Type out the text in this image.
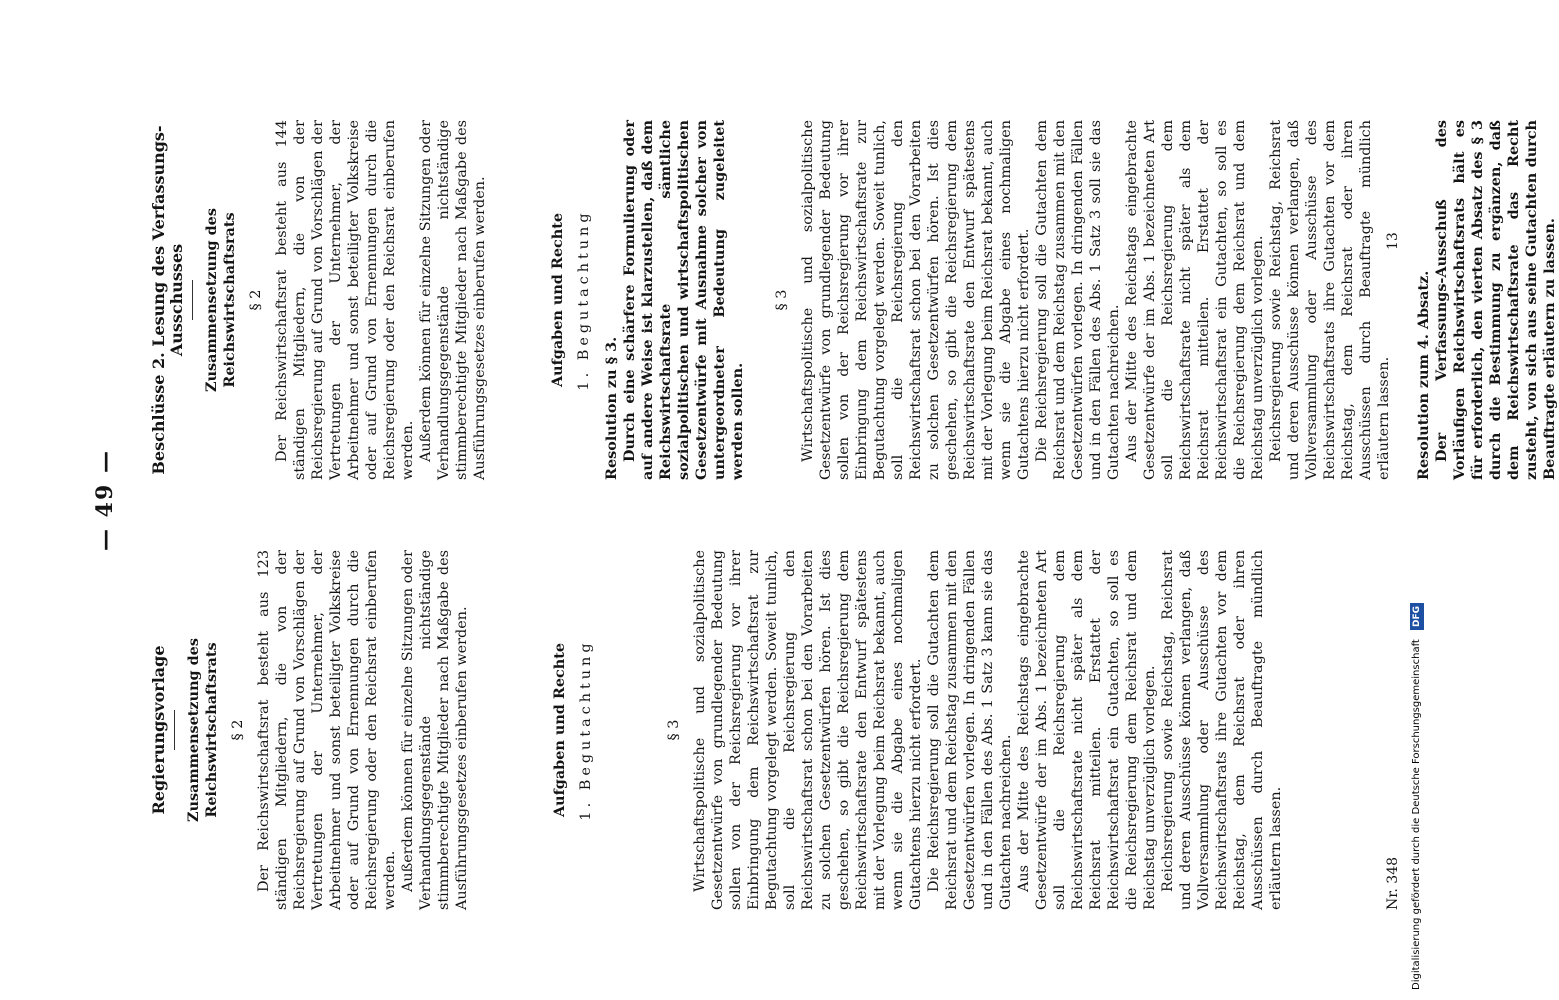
— 49 —
Regierungsvorlage Zusammensetzung des Reichswirtschaftsrats § 2 Der Reichswirtschaftsrat besteht aus 123 ständigen Mitgliedern, die von der Reichsregierung auf Grund von Vorschlägen der Vertretungen der Unternehmer, der Arbeitnehmer und sonst beteiligter Volkskreise oder auf Grund von Ernennungen durch die Reichsregierung oder den Reichsrat einberufen werden. Außerdem können für einzelne Sitzungen oder Verhandlungsgegenstände nichtständige stimmberechtigte Mitglieder nach Maßgabe des Ausführungsgesetzes einberufen werden.	Aufgaben und Rechte 1. Begutachtung	§ 3 Wirtschaftspolitische und sozialpolitische Gesetzentwürfe von grundlegender Bedeutung sollen von der Reichsregierung vor ihrer Einbringung dem Reichswirtschaftsrat zur Begutachtung vorgelegt werden. Soweit tunlich, soll die Reichsregierung den Reichswirtschaftsrat schon bei den Vorarbeiten zu solchen Gesetzentwürfen hören. Ist dies geschehen, so gibt die Reichsregierung dem Reichswirtschaftsrate den Entwurf spätestens mit der Vorlegung beim Reichsrat bekannt, auch wenn sie die Abgabe eines nochmaligen Gutachtens hierzu nicht erfordert. Die Reichsregierung soll die Gutachten dem Reichsrat und dem Reichstag zusammen mit den Gesetzentwürfen vorlegen. In dringenden Fällen und in den Fällen des Abs. 1 Satz 3 kann sie das Gutachten nachreichen. Aus der Mitte des Reichstags eingebrachte Gesetzentwürfe der im Abs. 1 bezeichneten Art soll die Reichsregierung dem Reichswirtschaftsrate nicht später als dem Reichsrat mitteilen. Erstattet der Reichswirtschaftsrat ein Gutachten, so soll es die Reichsregierung dem Reichsrat und dem Reichstag unverzüglich vorlegen. Reichsregierung sowie Reichstag, Reichsrat und deren Ausschüsse können verlangen, daß Vollversammlung oder Ausschüsse des Reichswirtschaftsrats ihre Gutachten vor dem Reichstag, dem Reichsrat oder ihren Ausschüssen durch Beauftragte mündlich erläutern lassen.

Beschlüsse 2. Lesung des Verfassungs-Ausschusses Zusammensetzung des Reichswirtschaftsrats § 2 Der Reichswirtschaftsrat besteht aus 144 ständigen Mitgliedern, die von der Reichsregierung auf Grund von Vorschlägen der Vertretungen der Unternehmer, der Arbeitnehmer und sonst beteiligter Volkskreise oder auf Grund von Ernennungen durch die Reichsregierung oder den Reichsrat einberufen werden. Außerdem können für einzelne Sitzungen oder Verhandlungsgegenstände nichtständige stimmberechtigte Mitglieder nach Maßgabe des Ausführungsgesetzes einberufen werden.	Aufgaben und Rechte 1. Begutachtung
Resolution zu § 3. Durch eine schärfere Formulierung oder auf andere Weise ist klarzustellen, daß dem Reichswirtschaftsrate sämtliche sozialpolitischen und wirtschaftspolitischen Gesetzentwürfe mit Ausnahme solcher von untergeordneter Bedeutung zugeleitet werden sollen.

§ 3 Wirtschaftspolitische und sozialpolitische Gesetzentwürfe von grundlegender Bedeutung sollen von der Reichsregierung vor ihrer Einbringung dem Reichswirtschaftsrate zur Begutachtung vorgelegt werden. Soweit tunlich, soll die Reichsregierung den Reichswirtschaftsrat schon bei den Vorarbeiten zu solchen Gesetzentwürfen hören. Ist dies geschehen, so gibt die Reichsregierung dem Reichswirtschaftsrate den Entwurf spätestens mit der Vorlegung beim Reichsrat bekannt, auch wenn sie die Abgabe eines nochmaligen Gutachtens hierzu nicht erfordert. Die Reichsregierung soll die Gutachten dem Reichsrat und dem Reichstag zusammen mit den Gesetzentwürfen vorlegen. In dringenden Fällen und in den Fällen des Abs. 1 Satz 3 soll sie das Gutachten nachreichen. Aus der Mitte des Reichstags eingebrachte Gesetzentwürfe der im Abs. 1 bezeichneten Art soll die Reichsregierung dem Reichswirtschaftsrate nicht später als dem Reichsrat mitteilen. Erstattet der Reichswirtschaftsrat ein Gutachten, so soll es die Reichsregierung dem Reichsrat und dem Reichstag unverzüglich vorlegen. Reichsregierung sowie Reichstag, Reichsrat und deren Ausschüsse können verlangen, daß Vollversammlung oder Ausschüsse des Reichswirtschaftsrats ihre Gutachten vor dem Reichstag, dem Reichsrat oder ihren Ausschüssen durch Beauftragte mündlich erläutern lassen. Resolution zum 4. Absatz. Der Verfassungs-Ausschuß des Vorläufigen Reichswirtschaftsrats hält es für erforderlich, den vierten Absatz des § 3 durch die Bestimmung zu ergänzen, daß dem Reichswirtschaftsrate das Recht zusteht, von sich aus seine Gutachten durch Beauftragte erläutern zu lassen.

Nr. 348
13
Digitalisierung gefördert durch die Deutsche Forschungsgemeinschaft DFG
